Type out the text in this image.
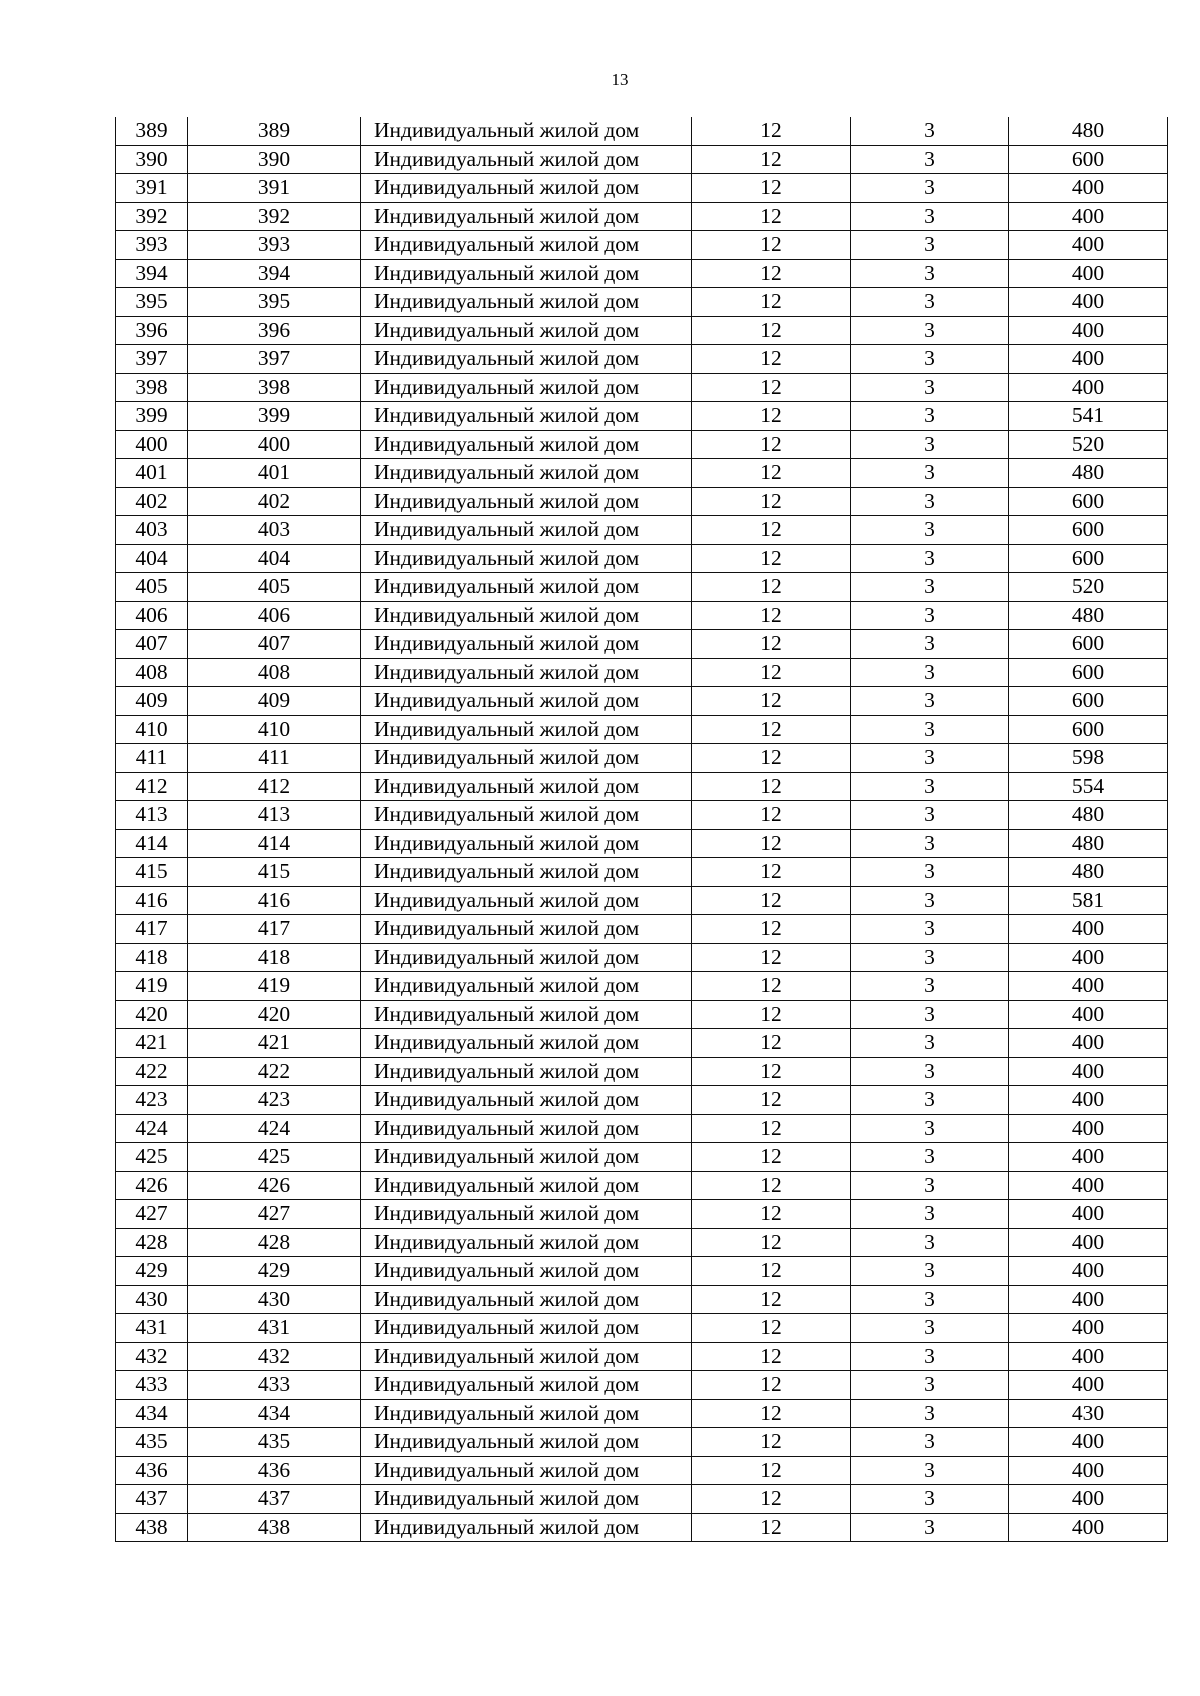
13
389	389	Индивидуальный жилой дом	12	3	480
390	390	Индивидуальный жилой дом	12	3	600
391	391	Индивидуальный жилой дом	12	3	400
392	392	Индивидуальный жилой дом	12	3	400
393	393	Индивидуальный жилой дом	12	3	400
394	394	Индивидуальный жилой дом	12	3	400
395	395	Индивидуальный жилой дом	12	3	400
396	396	Индивидуальный жилой дом	12	3	400
397	397	Индивидуальный жилой дом	12	3	400
398	398	Индивидуальный жилой дом	12	3	400
399	399	Индивидуальный жилой дом	12	3	541
400	400	Индивидуальный жилой дом	12	3	520
401	401	Индивидуальный жилой дом	12	3	480
402	402	Индивидуальный жилой дом	12	3	600
403	403	Индивидуальный жилой дом	12	3	600
404	404	Индивидуальный жилой дом	12	3	600
405	405	Индивидуальный жилой дом	12	3	520
406	406	Индивидуальный жилой дом	12	3	480
407	407	Индивидуальный жилой дом	12	3	600
408	408	Индивидуальный жилой дом	12	3	600
409	409	Индивидуальный жилой дом	12	3	600
410	410	Индивидуальный жилой дом	12	3	600
411	411	Индивидуальный жилой дом	12	3	598
412	412	Индивидуальный жилой дом	12	3	554
413	413	Индивидуальный жилой дом	12	3	480
414	414	Индивидуальный жилой дом	12	3	480
415	415	Индивидуальный жилой дом	12	3	480
416	416	Индивидуальный жилой дом	12	3	581
417	417	Индивидуальный жилой дом	12	3	400
418	418	Индивидуальный жилой дом	12	3	400
419	419	Индивидуальный жилой дом	12	3	400
420	420	Индивидуальный жилой дом	12	3	400
421	421	Индивидуальный жилой дом	12	3	400
422	422	Индивидуальный жилой дом	12	3	400
423	423	Индивидуальный жилой дом	12	3	400
424	424	Индивидуальный жилой дом	12	3	400
425	425	Индивидуальный жилой дом	12	3	400
426	426	Индивидуальный жилой дом	12	3	400
427	427	Индивидуальный жилой дом	12	3	400
428	428	Индивидуальный жилой дом	12	3	400
429	429	Индивидуальный жилой дом	12	3	400
430	430	Индивидуальный жилой дом	12	3	400
431	431	Индивидуальный жилой дом	12	3	400
432	432	Индивидуальный жилой дом	12	3	400
433	433	Индивидуальный жилой дом	12	3	400
434	434	Индивидуальный жилой дом	12	3	430
435	435	Индивидуальный жилой дом	12	3	400
436	436	Индивидуальный жилой дом	12	3	400
437	437	Индивидуальный жилой дом	12	3	400
438	438	Индивидуальный жилой дом	12	3	400
